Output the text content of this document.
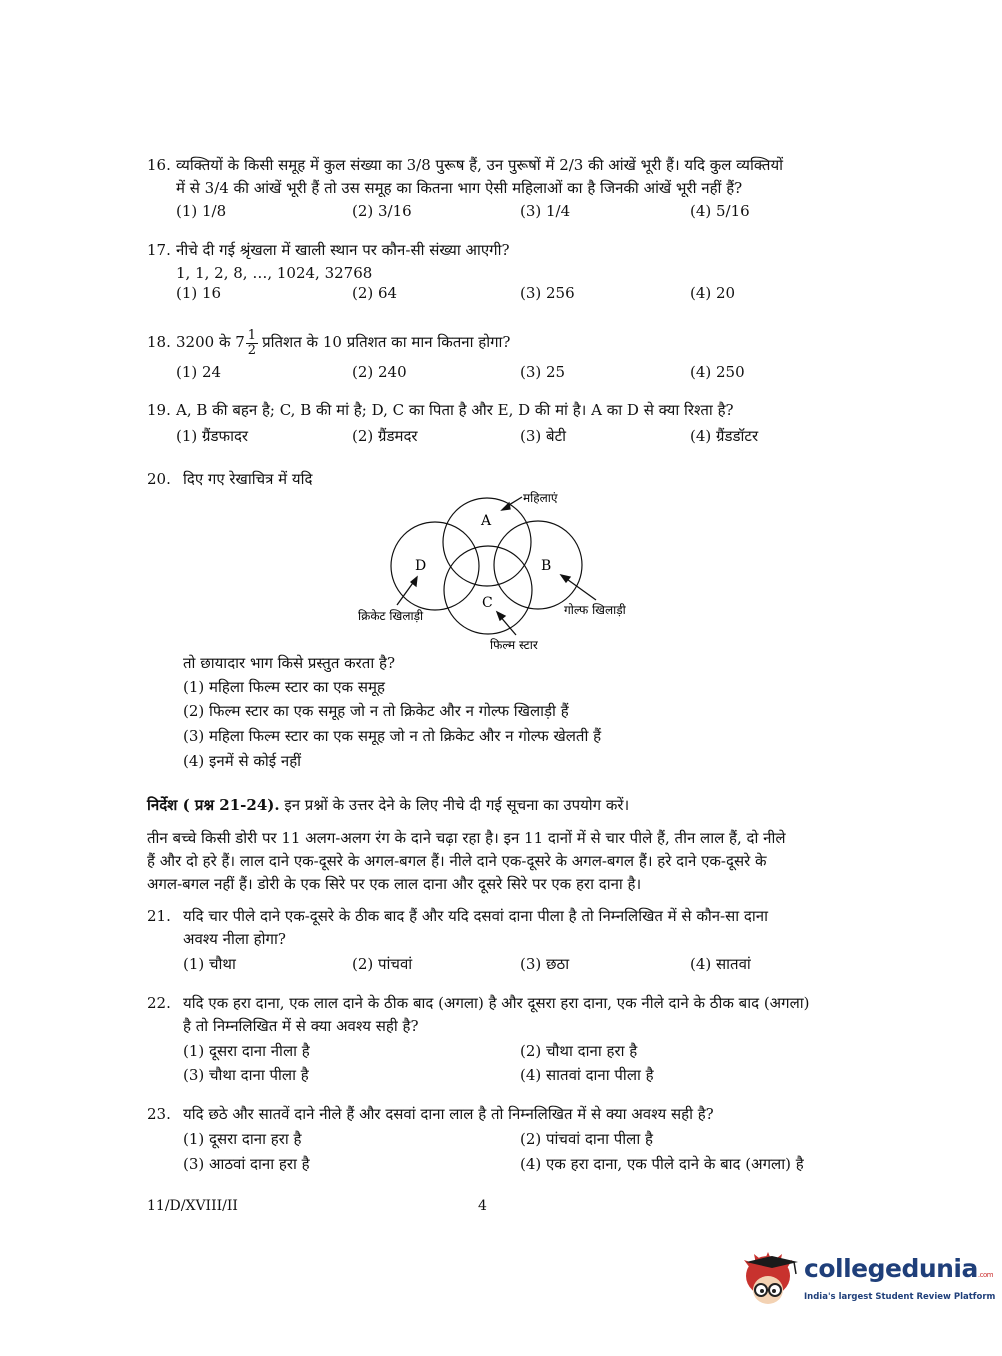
16. व्यक्तियों के किसी समूह में कुल संख्या का 3/8 पुरूष हैं, उन पुरूषों में 2/3 की आंखें भूरी हैं। यदि कुल व्यक्तियों
में से 3/4 की आंखें भूरी हैं तो उस समूह का कितना भाग ऐसी महिलाओं का है जिनकी आंखें भूरी नहीं हैं?
(1) 1/8	(2) 3/16	(3) 1/4	(4) 5/16
17. नीचे दी गई श्रृंखला में खाली स्थान पर कौन-सी संख्या आएगी?
1, 1, 2, 8, …, 1024, 32768
(1) 16	(2) 64	(3) 256	(4) 20
18. 3200 के $7 \frac{1}{2}$ प्रतिशत के 10 प्रतिशत का मान कितना होगा?
(1) 24	(2) 240	(3) 25	(4) 250
19. A, B की बहन है; C, B की मां है; D, C का पिता है और E, D की मां है। A का D से क्या रिश्ता है?
(1) ग्रैंडफादर	(2) ग्रैंडमदर	(3) बेटी	(4) ग्रैंडडॉटर
20. दिए गए रेखाचित्र में यदि
A
B
C
D
महिलाएं
गोल्फ खिलाड़ी
फिल्म स्टार
क्रिकेट खिलाड़ी
तो छायादार भाग किसे प्रस्तुत करता है?
(1) महिला फिल्म स्टार का एक समूह
(2) फिल्म स्टार का एक समूह जो न तो क्रिकेट और न गोल्फ खिलाड़ी हैं
(3) महिला फिल्म स्टार का एक समूह जो न तो क्रिकेट और न गोल्फ खेलती हैं
(4) इनमें से कोई नहीं
निर्देश ( प्रश्न 21-24). इन प्रश्नों के उत्तर देने के लिए नीचे दी गई सूचना का उपयोग करें।
तीन बच्चे किसी डोरी पर 11 अलग-अलग रंग के दाने चढ़ा रहा है। इन 11 दानों में से चार पीले हैं, तीन लाल हैं, दो नीले
हैं और दो हरे हैं। लाल दाने एक-दूसरे के अगल-बगल हैं। नीले दाने एक-दूसरे के अगल-बगल हैं। हरे दाने एक-दूसरे के
अगल-बगल नहीं हैं। डोरी के एक सिरे पर एक लाल दाना और दूसरे सिरे पर एक हरा दाना है।
21. यदि चार पीले दाने एक-दूसरे के ठीक बाद हैं और यदि दसवां दाना पीला है तो निम्नलिखित में से कौन-सा दाना
अवश्य नीला होगा?
(1) चौथा	(2) पांचवां	(3) छठा	(4) सातवां
22. यदि एक हरा दाना, एक लाल दाने के ठीक बाद (अगला) है और दूसरा हरा दाना, एक नीले दाने के ठीक बाद (अगला)
है तो निम्नलिखित में से क्या अवश्य सही है?
(1) दूसरा दाना नीला है	(2) चौथा दाना हरा है
(3) चौथा दाना पीला है	(4) सातवां दाना पीला है
23. यदि छठे और सातवें दाने नीले हैं और दसवां दाना लाल है तो निम्नलिखित में से क्या अवश्य सही है?
(1) दूसरा दाना हरा है	(2) पांचवां दाना पीला है
(3) आठवां दाना हरा है	(4) एक हरा दाना, एक पीले दाने के बाद (अगला) है
11/D/XVIII/II	4
collegedunia.com
India's largest Student Review Platform
